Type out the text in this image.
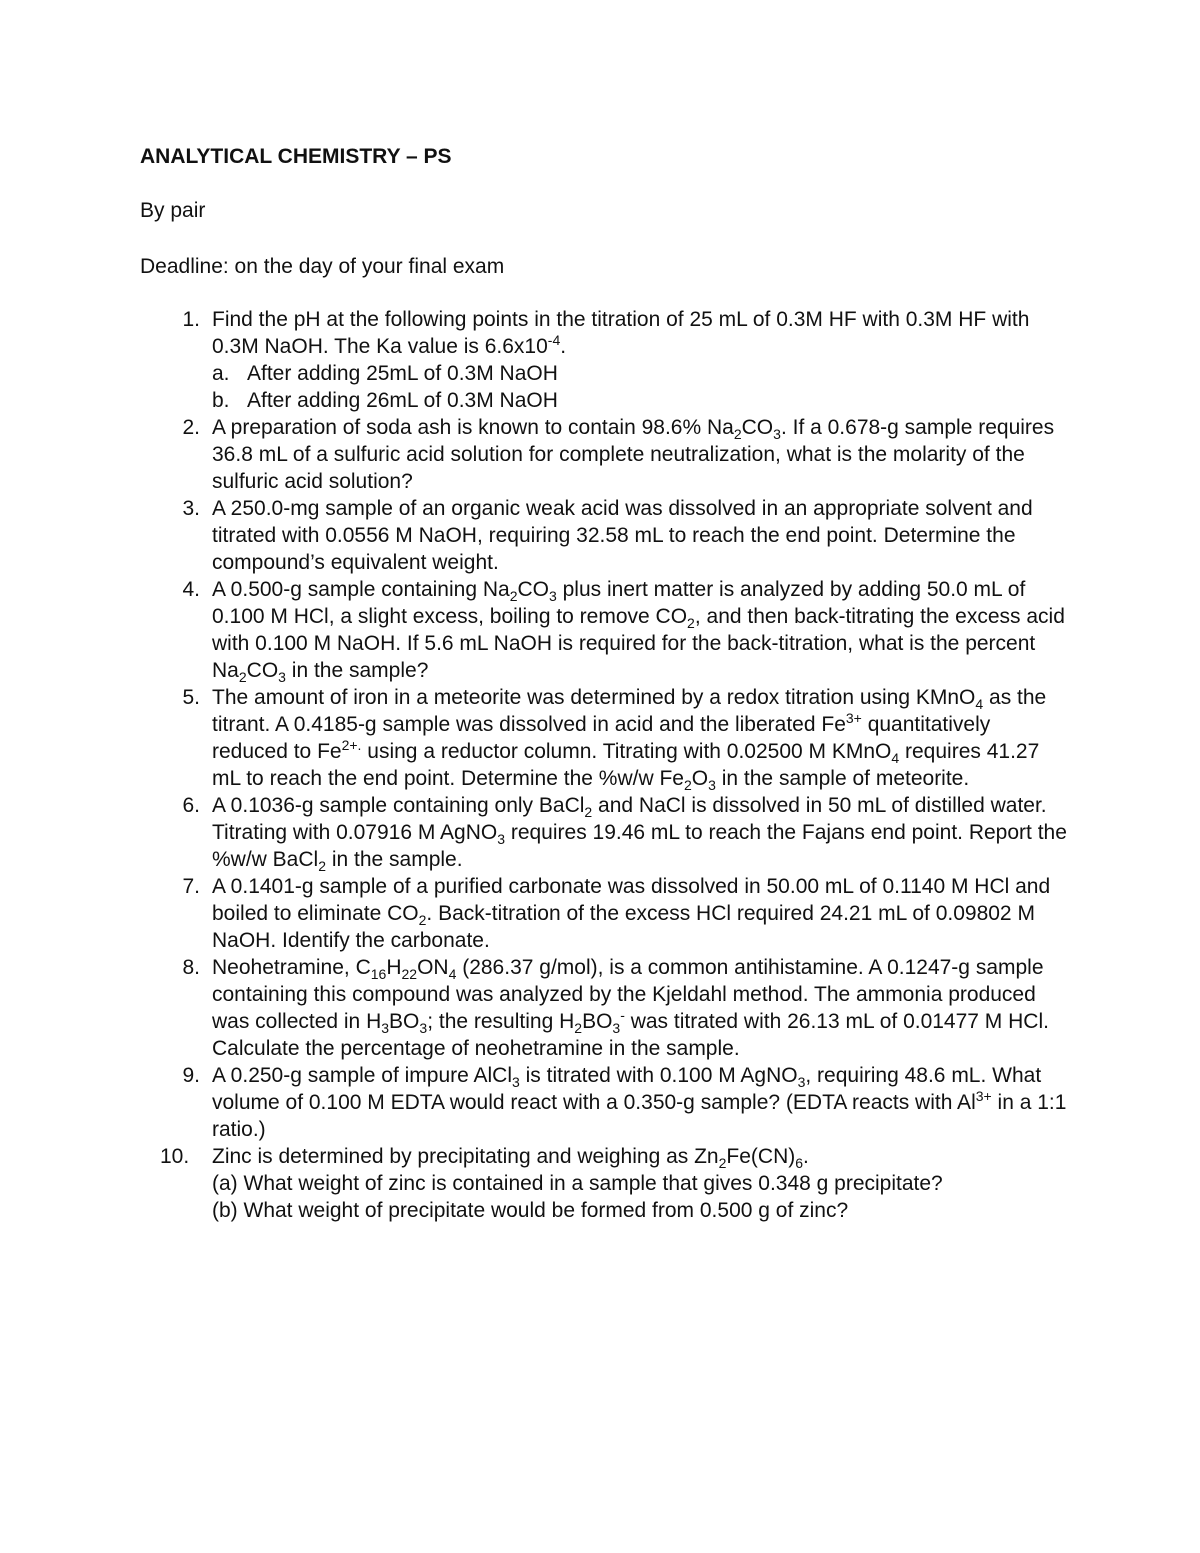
ANALYTICAL CHEMISTRY – PS

By pair

Deadline: on the day of your final exam

1. Find the pH at the following points in the titration of 25 mL of 0.3M HF with 0.3M HF with 0.3M NaOH. The Ka value is $6.6x10^{-4}$.
a. After adding 25mL of 0.3M NaOH
b. After adding 26mL of 0.3M NaOH
2. A preparation of soda ash is known to contain 98.6% $Na_2CO_3$. If a 0.678-g sample requires 36.8 mL of a sulfuric acid solution for complete neutralization, what is the molarity of the sulfuric acid solution?
3. A 250.0-mg sample of an organic weak acid was dissolved in an appropriate solvent and titrated with 0.0556 M NaOH, requiring 32.58 mL to reach the end point. Determine the compound’s equivalent weight.
4. A 0.500-g sample containing $Na_2CO_3$ plus inert matter is analyzed by adding 50.0 mL of 0.100 M HCl, a slight excess, boiling to remove $CO_2$, and then back-titrating the excess acid with 0.100 M NaOH. If 5.6 mL NaOH is required for the back-titration, what is the percent $Na_2CO_3$ in the sample?
5. The amount of iron in a meteorite was determined by a redox titration using KMnO$_4$ as the titrant. A 0.4185-g sample was dissolved in acid and the liberated $Fe^{3+}$ quantitatively reduced to $Fe^{2+.}$ using a reductor column. Titrating with 0.02500 M KMnO$_4$ requires 41.27 mL to reach the end point. Determine the %w/w $Fe_2O_3$ in the sample of meteorite.
6. A 0.1036-g sample containing only BaCl$_2$ and NaCl is dissolved in 50 mL of distilled water. Titrating with 0.07916 M AgNO$_3$ requires 19.46 mL to reach the Fajans end point. Report the %w/w BaCl$_2$ in the sample.
7. A 0.1401-g sample of a purified carbonate was dissolved in 50.00 mL of 0.1140 M HCl and boiled to eliminate $CO_2$. Back-titration of the excess HCl required 24.21 mL of 0.09802 M NaOH. Identify the carbonate.
8. Neohetramine, $C_{16}H_{22}ON_4$ (286.37 g/mol), is a common antihistamine. A 0.1247-g sample containing this compound was analyzed by the Kjeldahl method. The ammonia produced was collected in $H_3BO_3$; the resulting $H_2BO_3^-$ was titrated with 26.13 mL of 0.01477 M HCl. Calculate the percentage of neohetramine in the sample.
9. A 0.250-g sample of impure AlCl$_3$ is titrated with 0.100 M AgNO$_3$, requiring 48.6 mL. What volume of 0.100 M EDTA would react with a 0.350-g sample? (EDTA reacts with $Al^{3+}$ in a 1:1 ratio.)
10.	Zinc is determined by precipitating and weighing as $Zn_2Fe(CN)_6$.
(a) What weight of zinc is contained in a sample that gives 0.348 g precipitate?
(b) What weight of precipitate would be formed from 0.500 g of zinc?
